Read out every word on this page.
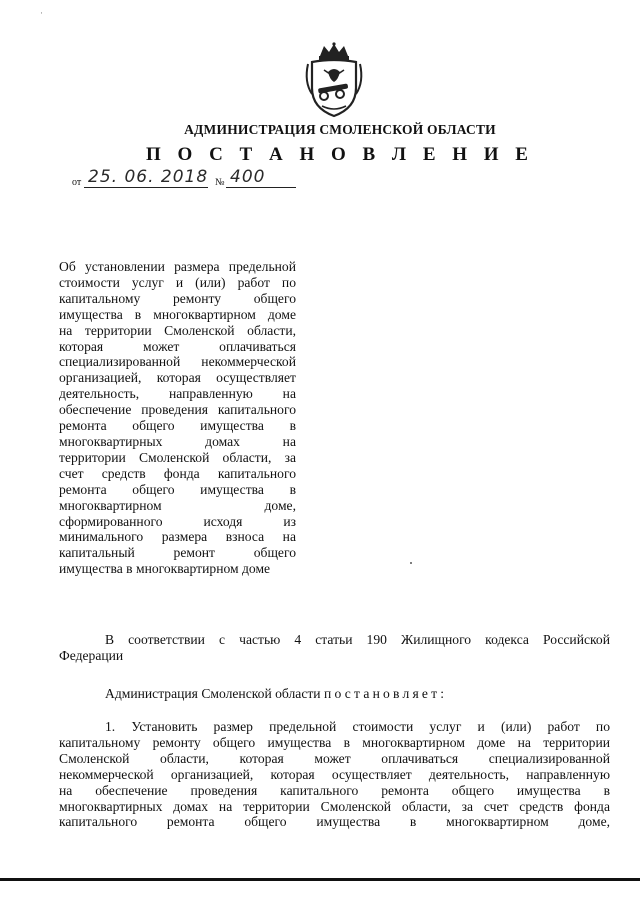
·
АДМИНИСТРАЦИЯ СМОЛЕНСКОЙ ОБЛАСТИ
П О С Т А Н О В Л Е Н И Е
от 25. 06. 2018 № 400
Об установлении размера предельной
стоимости услуг и (или) работ по
капитальному ремонту общего
имущества в многоквартирном доме
на территории Смоленской области,
которая может оплачиваться
специализированной некоммерческой
организацией, которая осуществляет
деятельность, направленную на
обеспечение проведения капитального
ремонта общего имущества в
многоквартирных домах на
территории Смоленской области, за
счет средств фонда капитального
ремонта общего имущества в
многоквартирном доме,
сформированного исходя из
минимального размера взноса на
капитальный ремонт общего
имущества в многоквартирном доме
В соответствии с частью 4 статьи 190 Жилищного кодекса Российской
Федерации
Администрация Смоленской области постановляет:
1. Установить размер предельной стоимости услуг и (или) работ по
капитальному ремонту общего имущества в многоквартирном доме на территории
Смоленской области, которая может оплачиваться специализированной
некоммерческой организацией, которая осуществляет деятельность, направленную
на обеспечение проведения капитального ремонта общего имущества в
многоквартирных домах на территории Смоленской области, за счет средств фонда
капитального ремонта общего имущества в многоквартирном доме,
